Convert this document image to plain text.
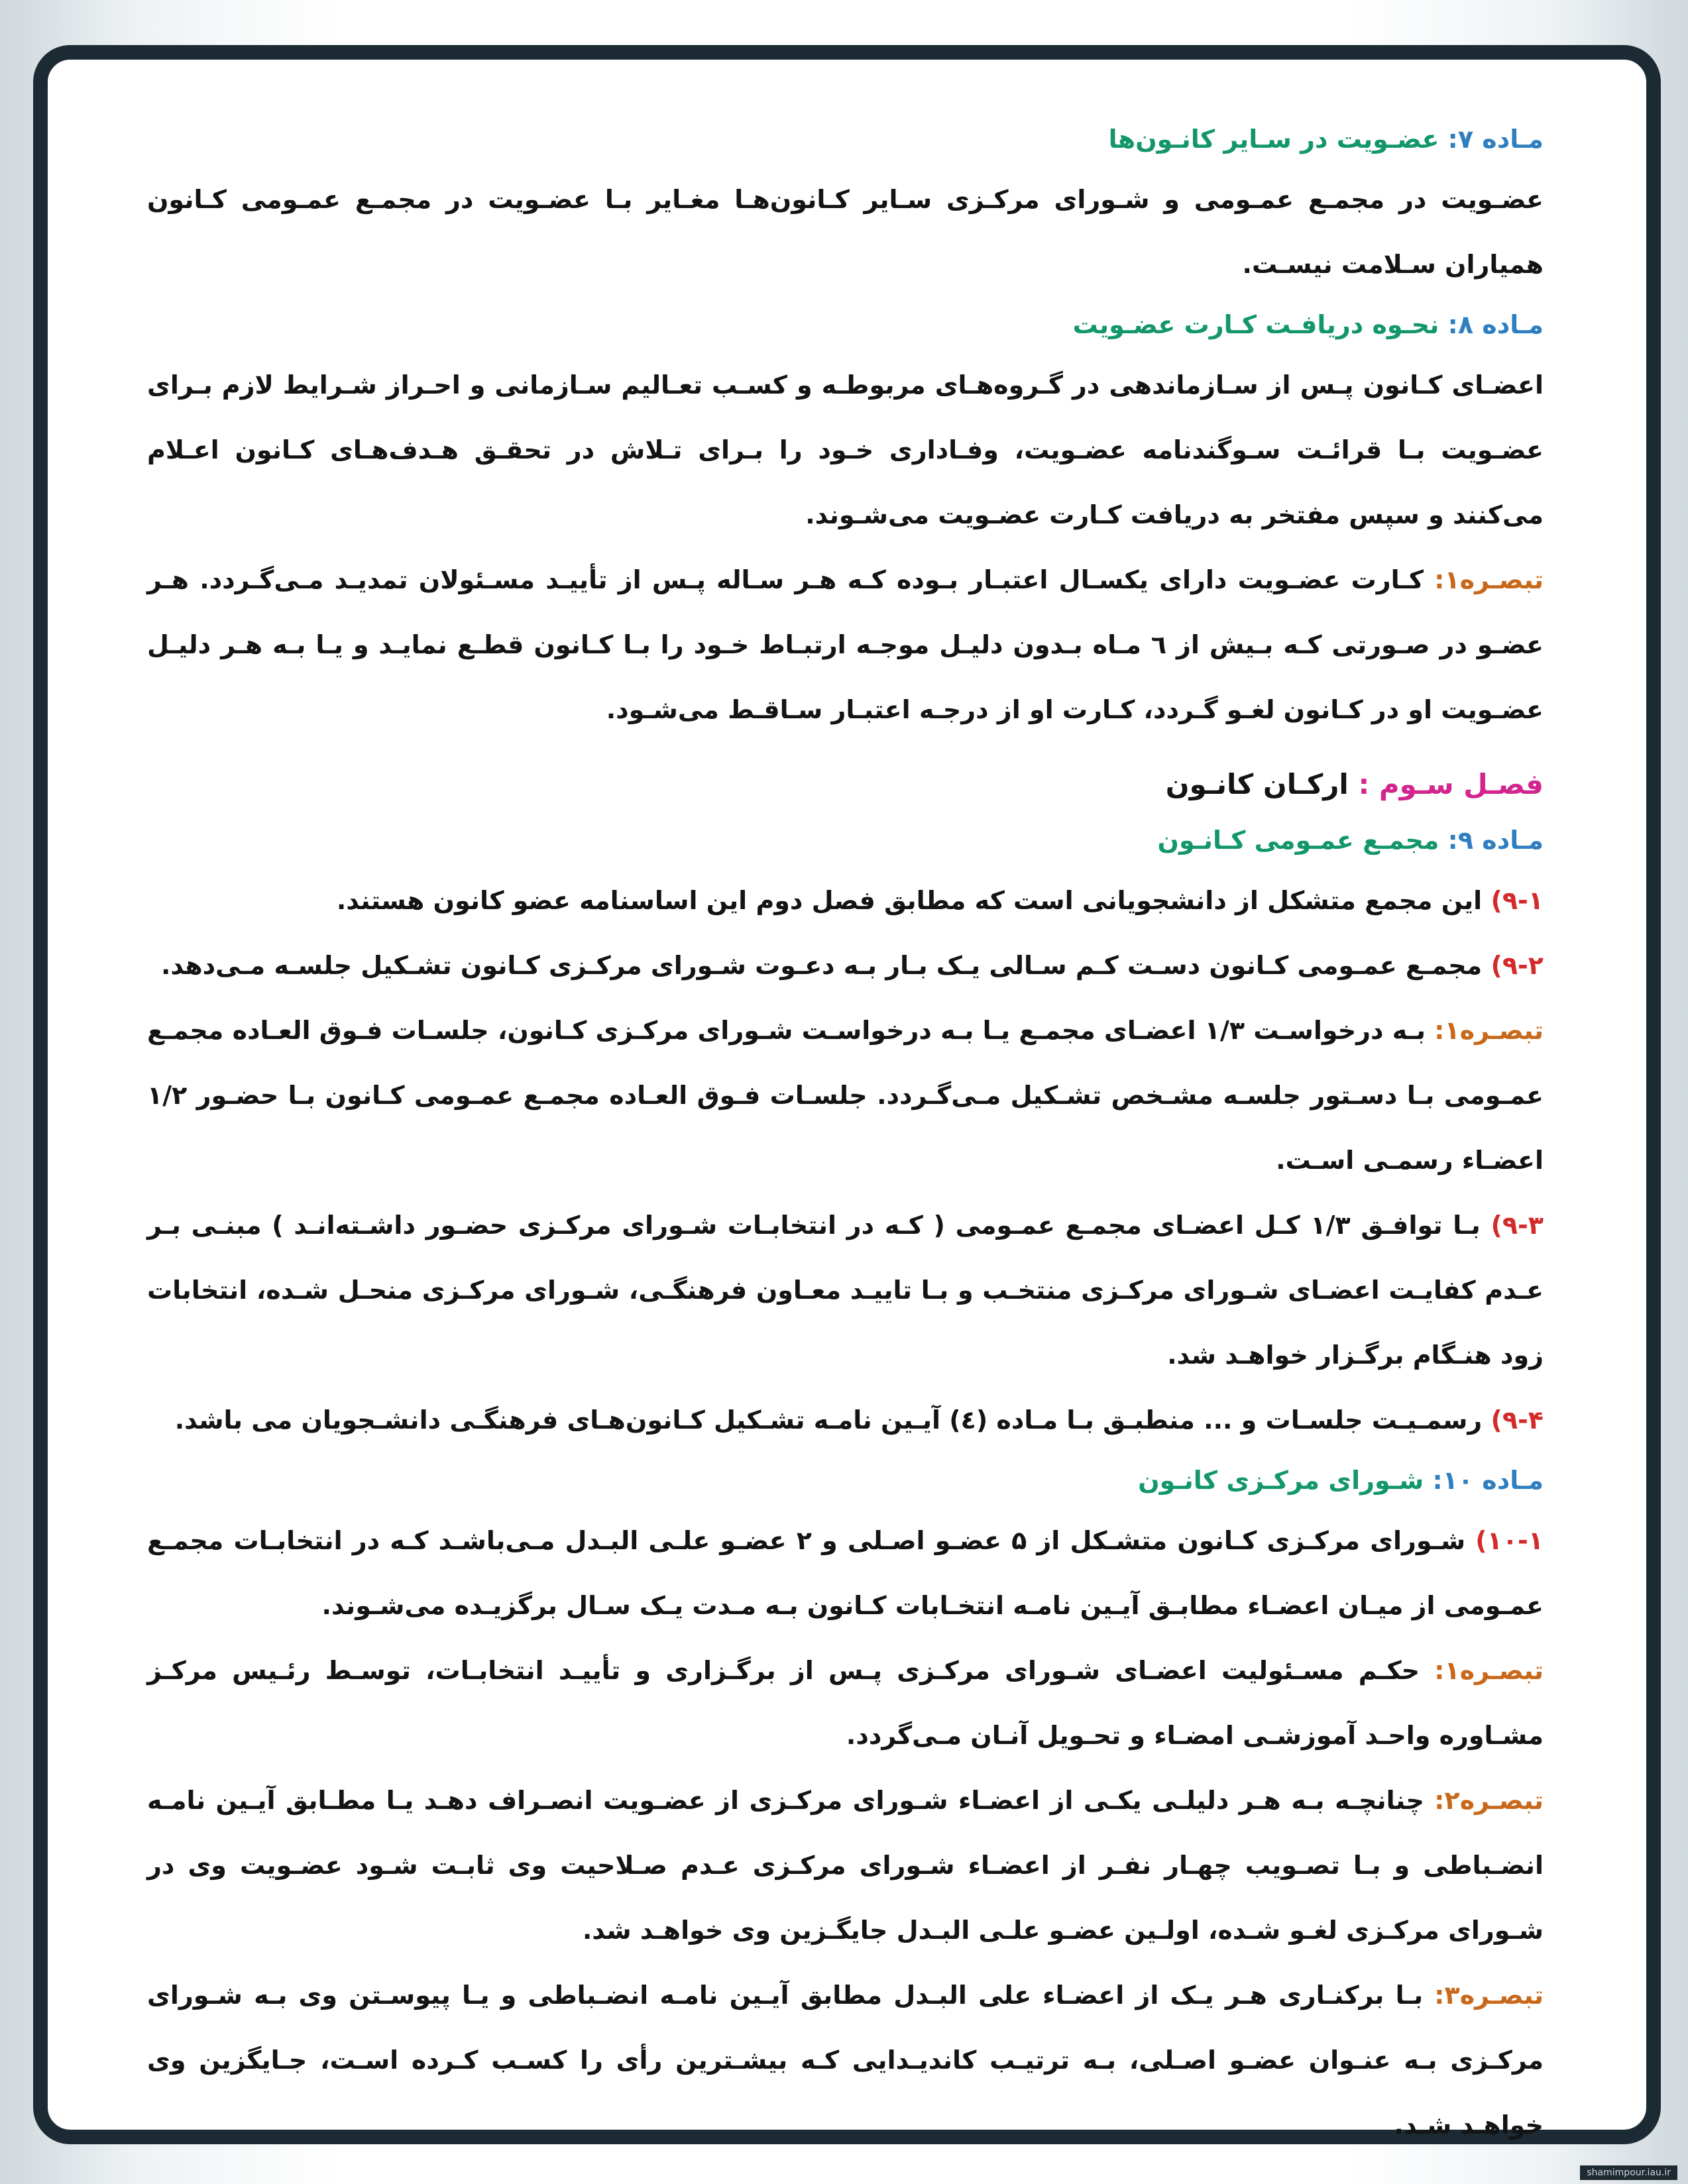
مـاده ۷: عضـویت در سـایر کانـون‌ها

عضـویت در مجمـع عمـومی و شـورای مرکـزی سـایر کـانون‌هـا مغـایر بـا عضـویت در مجمـع عمـومی کـانون همیاران سـلامت نیسـت.

مـاده ۸: نحـوه دریافـت کـارت عضـویت

اعضـای کـانون پـس از سـازماندهی در گـروه‌هـای مربوطـه و کسـب تعـالیم سـازمانی و احـراز شـرایط لازم بـرای عضـویت بـا قرائـت سـوگندنامه عضـویت، وفـاداری خـود را بـرای تـلاش در تحقـق هـدف‌هـای کـانون اعـلام می‌کنند و سپس مفتخر به دریافت کـارت عضـویت می‌شـوند.

تبصـره۱: کـارت عضـویت دارای یکسـال اعتبـار بـوده کـه هـر سـاله پـس از تأییـد مسـئولان تمدیـد مـی‌گـردد. هـر عضـو در صـورتی کـه بـیش از ٦ مـاه بـدون دلیـل موجـه ارتبـاط خـود را بـا کـانون قطـع نمایـد و یـا بـه هـر دلیـل عضـویت او در کـانون لغـو گـردد، کـارت او از درجـه اعتبـار سـاقـط می‌شـود.

فصـل سـوم : ارکـان کانـون

مـاده ۹: مجمـع عمـومی کـانـون

۹-۱) این مجمع متشکل از دانشجویانی است که مطابق فصل دوم این اساسنامه عضو کانون هستند.

۹-۲) مجمـع عمـومی کـانون دسـت کـم سـالی یـک بـار بـه دعـوت شـورای مرکـزی کـانون تشـکیل جلسـه مـی‌دهد.

تبصـره۱: بـه درخواسـت ۱/۳ اعضـای مجمـع یـا بـه درخواسـت شـورای مرکـزی کـانون، جلسـات فـوق العـاده مجمـع عمـومی بـا دسـتور جلسـه مشـخص تشـکیل مـی‌گـردد. جلسـات فـوق العـاده مجمـع عمـومی کـانون بـا حضـور ۱/۲ اعضـاء رسمـی اسـت.

۹-۳) بـا توافـق ۱/۳ کـل اعضـای مجمـع عمـومی ( کـه در انتخابـات شـورای مرکـزی حضـور داشـته‌انـد ) مبنـی بـر عـدم کفایـت اعضـای شـورای مرکـزی منتخـب و بـا تاییـد معـاون فرهنگـی، شـورای مرکـزی منحـل شـده، انتخابات زود هنـگام برگـزار خواهـد شد.

۹-۴) رسمـیـت جلسـات و ... منطبـق بـا مـاده (٤) آیـین نامـه تشـکیل کـانون‌هـای فرهنگـی دانشـجویان می باشد.

مـاده ۱۰: شـورای مرکـزی کانـون

۱۰-۱) شـورای مرکـزی کـانون متشـکل از ۵ عضـو اصـلی و ۲ عضـو علـی البـدل مـی‌باشـد کـه در انتخابـات مجمـع عمـومی از میـان اعضـاء مطابـق آیـین نامـه انتخـابات کـانون بـه مـدت یـک سـال برگزیـده می‌شـوند.

تبصـره۱: حکـم مسـئولیت اعضـای شـورای مرکـزی پـس از برگـزاری و تأییـد انتخابـات، توسـط رئـیس مرکـز مشـاوره واحـد آموزشـی امضـاء و تحـویل آنـان مـی‌گردد.

تبصـره۲: چنانچـه بـه هـر دلیلـی یکـی از اعضـاء شـورای مرکـزی از عضـویت انصـراف دهـد یـا مطـابق آیـین نامـه انضـباطی و بـا تصـویب چهـار نفـر از اعضـاء شـورای مرکـزی عـدم صـلاحیت وی ثابـت شـود عضـویت وی در شـورای مرکـزی لغـو شـده، اولـین عضـو علـی البـدل جایگـزین وی خواهـد شد.

تبصـره۳: بـا برکنـاری هـر یـک از اعضـاء علی البـدل مطابق آیـین نامـه انضـباطی و یـا پیوسـتن وی بـه شـورای مرکـزی بـه عنـوان عضـو اصـلی، بـه ترتیـب کاندیـدایی کـه بیشـترین رأی را کسـب کـرده اسـت، جـایگزین وی خواهـد شـد.

shamimpour.iau.ir
